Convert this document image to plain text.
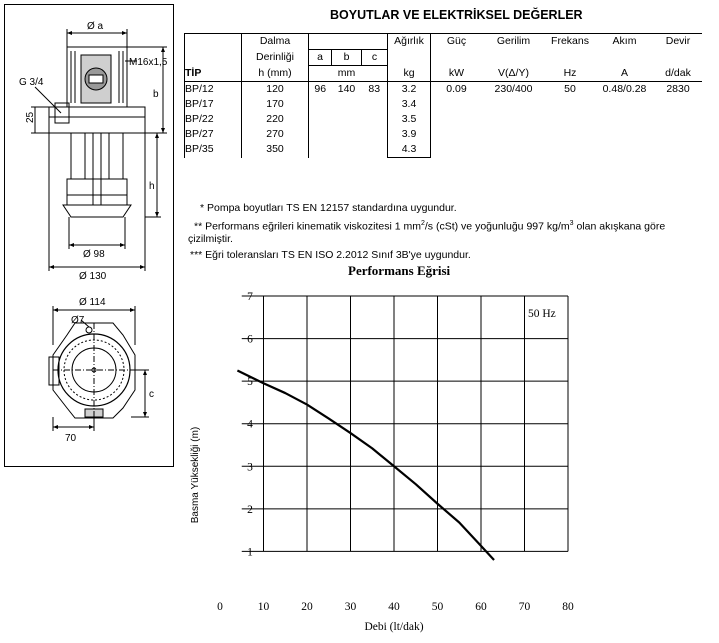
Ø a
M16x1,5
G 3/4
25
b
h
Ø 98
Ø 130
Ø 114
Ø7
c
70
BOYUTLAR VE ELEKTRİKSEL DEĞERLER
	Dalma				Ağırlık	Güç	Gerilim	Frekans	Akım	Devir
	Derinliği	a	b	c						
TİP	h (mm)		mm		kg	kW	V(Δ/Y)	Hz	A	d/dak
BP/12	120	96	140	83	3.2	0.09	230/400	50	0.48/0.28	2830
BP/17	170				3.4					
BP/22	220				3.5					
BP/27	270				3.9					
BP/35	350				4.3					
* Pompa boyutları TS EN 12157 standardına uygundur.
** Performans eğrileri kinematik viskozitesi 1 $mm^2/s$ (cSt) ve yoğunluğu 997 $kg/m^3$ olan akışkana göre
çizilmiştir.
*** Eğri toleransları TS EN ISO 2.2012 Sınıf 3B'ye uygundur.
Performans Eğrisi
0	10	20	30	40	50	60	70	80
1
2
3
4
5
6
7
50 Hz
Debi (lt/dak)
Basma Yüksekliği (m)
